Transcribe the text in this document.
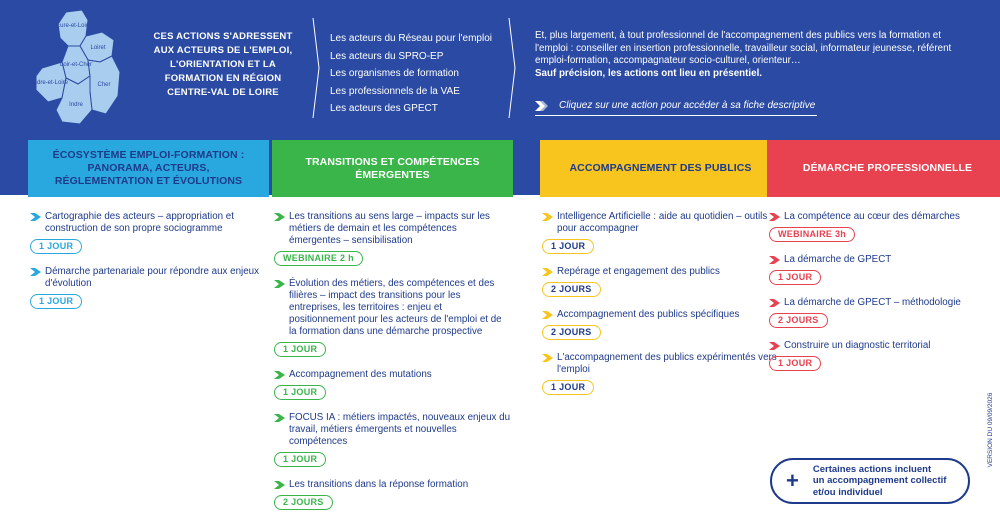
Eure-et-Loir
Loiret
Loir-et-Cher
Indre-et-Loire	Cher
Indre
CES ACTIONS S'ADRESSENT
AUX ACTEURS DE L'EMPLOI,
L'ORIENTATION ET LA
FORMATION EN RÉGION
CENTRE-VAL DE LOIRE
Les acteurs du Réseau pour l'emploi
Les acteurs du SPRO-EP
Les organismes de formation
Les professionnels de la VAE
Les acteurs des GPECT
Et, plus largement, à tout professionnel de l'accompagnement des publics vers la formation et l'emploi : conseiller en insertion professionnelle, travailleur social, informateur jeunesse, référent emploi-formation, accompagnateur socio-culturel, orienteur…
Sauf précision, les actions ont lieu en présentiel.
Cliquez sur une action pour accéder à sa fiche descriptive
ÉCOSYSTÈME EMPLOI-FORMATION : PANORAMA, ACTEURS, RÉGLEMENTATION ET ÉVOLUTIONS
Cartographie des acteurs – appropriation et construction de son propre sociogramme
1 JOUR
Démarche partenariale pour répondre aux enjeux d'évolution
1 JOUR
TRANSITIONS ET COMPÉTENCES ÉMERGENTES
Les transitions au sens large – impacts sur les métiers de demain et les compétences émergentes – sensibilisation
WEBINAIRE 2 h
Évolution des métiers, des compétences et des filières – impact des transitions pour les entreprises, les territoires : enjeu et positionnement pour les acteurs de l'emploi et de la formation dans une démarche prospective
1 JOUR
Accompagnement des mutations
1 JOUR
FOCUS IA : métiers impactés, nouveaux enjeux du travail, métiers émergents et nouvelles compétences
1 JOUR
Les transitions dans la réponse formation
2 JOURS
ACCOMPAGNEMENT DES PUBLICS
Intelligence Artificielle : aide au quotidien – outils pour accompagner
1 JOUR
Repérage et engagement des publics
2 JOURS
Accompagnement des publics spécifiques
2 JOURS
L'accompagnement des publics expérimentés vers l'emploi
1 JOUR
DÉMARCHE PROFESSIONNELLE
La compétence au cœur des démarches
WEBINAIRE 3h
La démarche de GPECT
1 JOUR
La démarche de GPECT – méthodologie
2 JOURS
Construire un diagnostic territorial
1 JOUR
VERSION DU 09/09/2026
+ Certaines actions incluent
un accompagnement collectif
et/ou individuel
